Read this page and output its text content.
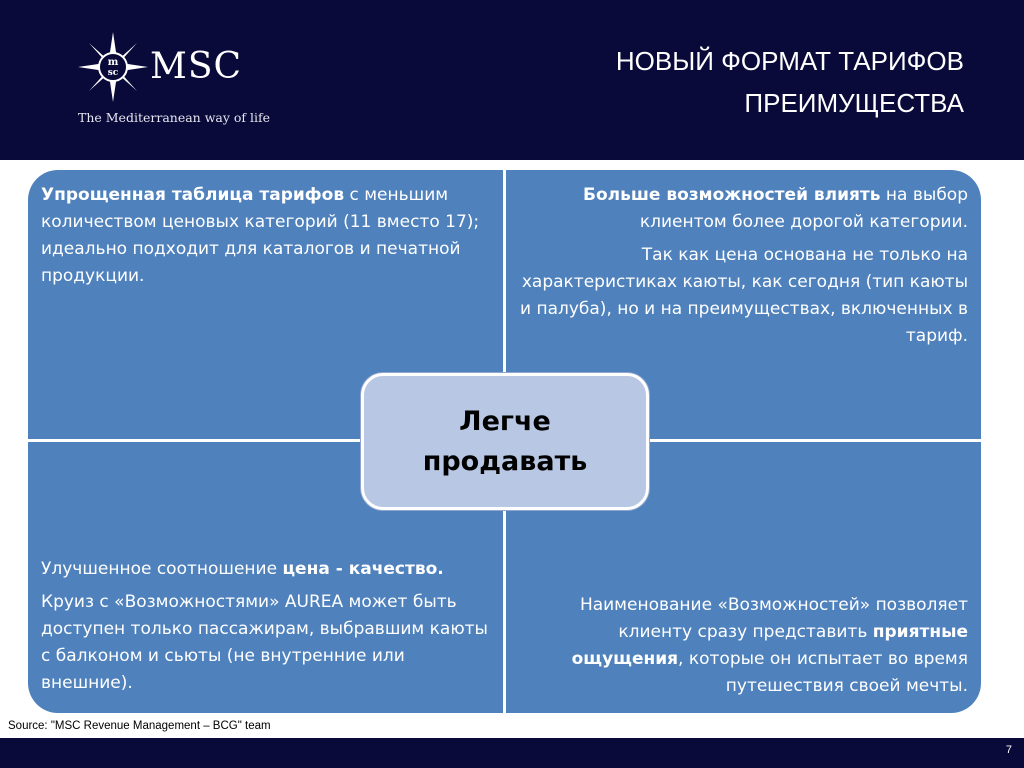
m
sc MSC
The Mediterranean way of life
НОВЫЙ ФОРМАТ ТАРИФОВ
ПРЕИМУЩЕСТВА

Упрощенная таблица тарифов с меньшим количеством ценовых категорий (11 вместо 17); идеально подходит для каталогов и печатной продукции.

Больше возможностей влиять на выбор клиентом более дорогой категории.

Так как цена основана не только на характеристиках каюты, как сегодня (тип каюты и палуба), но и на преимуществах, включенных в тариф.

Улучшенное соотношение цена - качество.

Круиз с «Возможностями» AUREA может быть доступен только пассажирам, выбравшим каюты с балконом и сьюты (не внутренние или внешние).

Наименование «Возможностей» позволяет клиенту сразу представить приятные ощущения, которые он испытает во время путешествия своей мечты.

Легче
продавать
Source: "MSC Revenue Management – BCG" team
7
